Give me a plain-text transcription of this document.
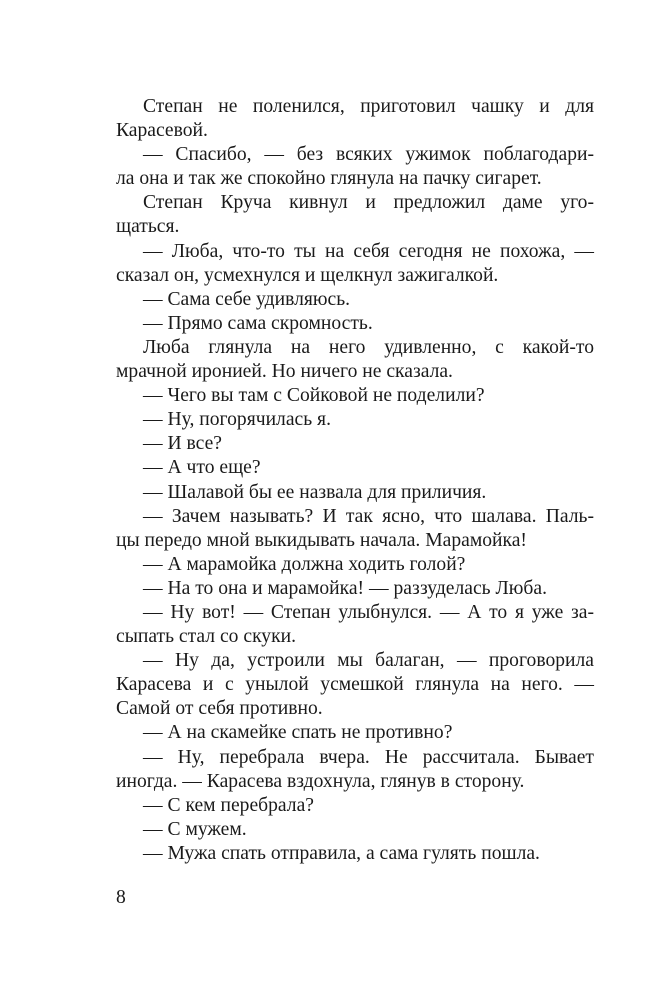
Степан не поленился, приготовил чашку и для
Карасевой.
— Спасибо, — без всяких ужимок поблагодари-
ла она и так же спокойно глянула на пачку сигарет.
Степан Круча кивнул и предложил даме уго-
щаться.
— Люба, что-то ты на себя сегодня не похожа, —
сказал он, усмехнулся и щелкнул зажигалкой.
— Сама себе удивляюсь.
— Прямо сама скромность.
Люба глянула на него удивленно, с какой-то
мрачной иронией. Но ничего не сказала.
— Чего вы там с Сойковой не поделили?
— Ну, погорячилась я.
— И все?
— А что еще?
— Шалавой бы ее назвала для приличия.
— Зачем называть? И так ясно, что шалава. Паль-
цы передо мной выкидывать начала. Марамойка!
— А марамойка должна ходить голой?
— На то она и марамойка! — раззуделась Люба.
— Ну вот! — Степан улыбнулся. — А то я уже за-
сыпать стал со скуки.
— Ну да, устроили мы балаган, — проговорила
Карасева и с унылой усмешкой глянула на него. —
Самой от себя противно.
— А на скамейке спать не противно?
— Ну, перебрала вчера. Не рассчитала. Бывает
иногда. — Карасева вздохнула, глянув в сторону.
— С кем перебрала?
— С мужем.
— Мужа спать отправила, а сама гулять пошла.
8
